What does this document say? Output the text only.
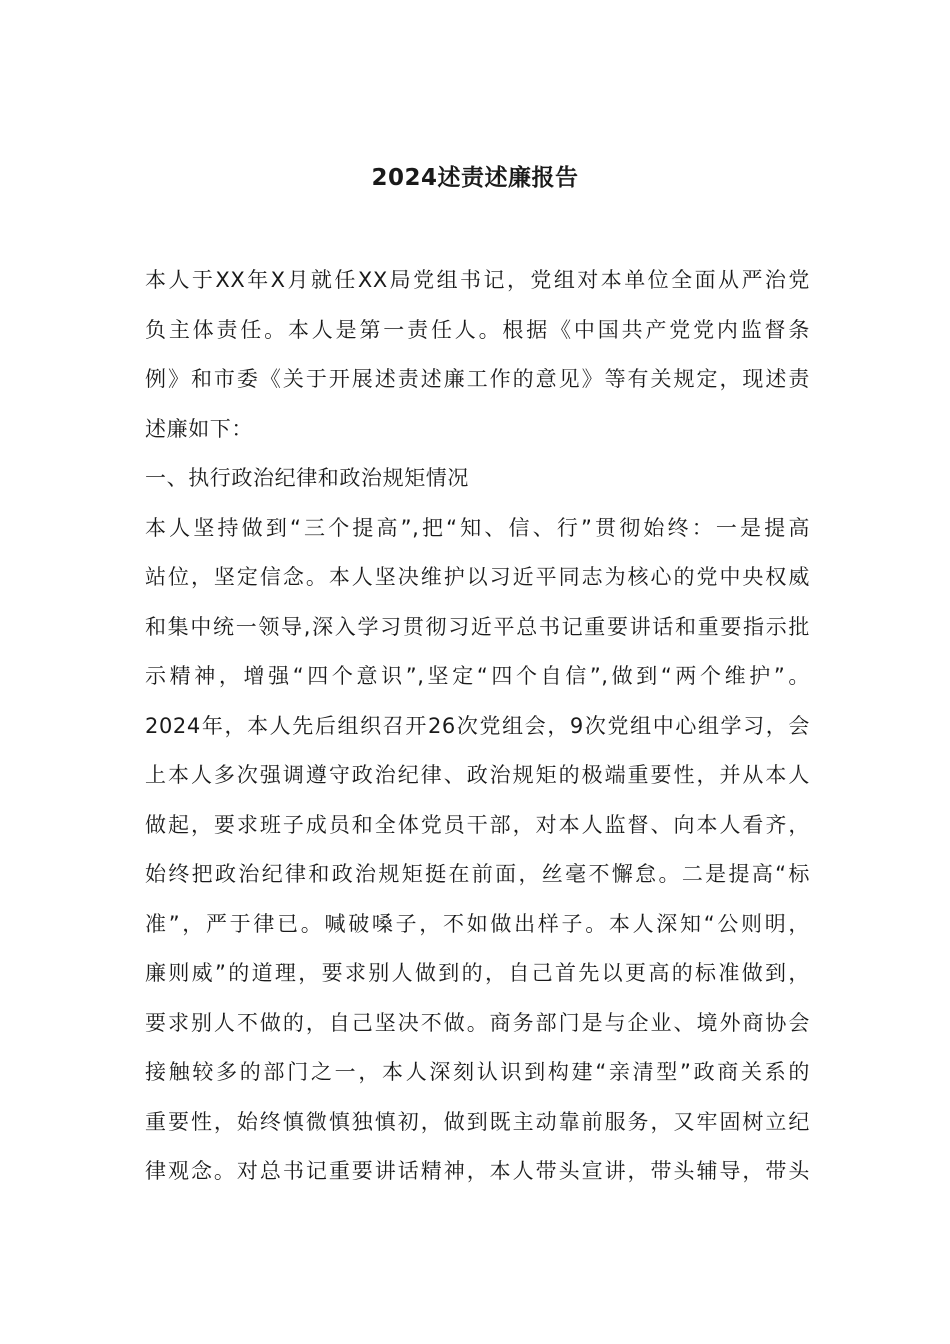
2024述责述廉报告
本人于XX年X月就任XX局党组书记，党组对本单位全面从严治党
负主体责任。本人是第一责任人。根据《中国共产党党内监督条
例》和市委《关于开展述责述廉工作的意见》等有关规定，现述责
述廉如下：
一、执行政治纪律和政治规矩情况
本人坚持做到“三个提高”,把“知、信、行”贯彻始终：一是提高
站位，坚定信念。本人坚决维护以习近平同志为核心的党中央权威
和集中统一领导,深入学习贯彻习近平总书记重要讲话和重要指示批
示精神，增强“四个意识”,坚定“四个自信”,做到“两个维护”。
2024年，本人先后组织召开26次党组会，9次党组中心组学习，会
上本人多次强调遵守政治纪律、政治规矩的极端重要性，并从本人
做起，要求班子成员和全体党员干部，对本人监督、向本人看齐，
始终把政治纪律和政治规矩挺在前面，丝毫不懈怠。二是提高“标
准”，严于律已。喊破嗓子，不如做出样子。本人深知“公则明，
廉则威”的道理，要求别人做到的，自己首先以更高的标准做到，
要求别人不做的，自己坚决不做。商务部门是与企业、境外商协会
接触较多的部门之一，本人深刻认识到构建“亲清型”政商关系的
重要性，始终慎微慎独慎初，做到既主动靠前服务，又牢固树立纪
律观念。对总书记重要讲话精神，本人带头宣讲，带头辅导，带头
